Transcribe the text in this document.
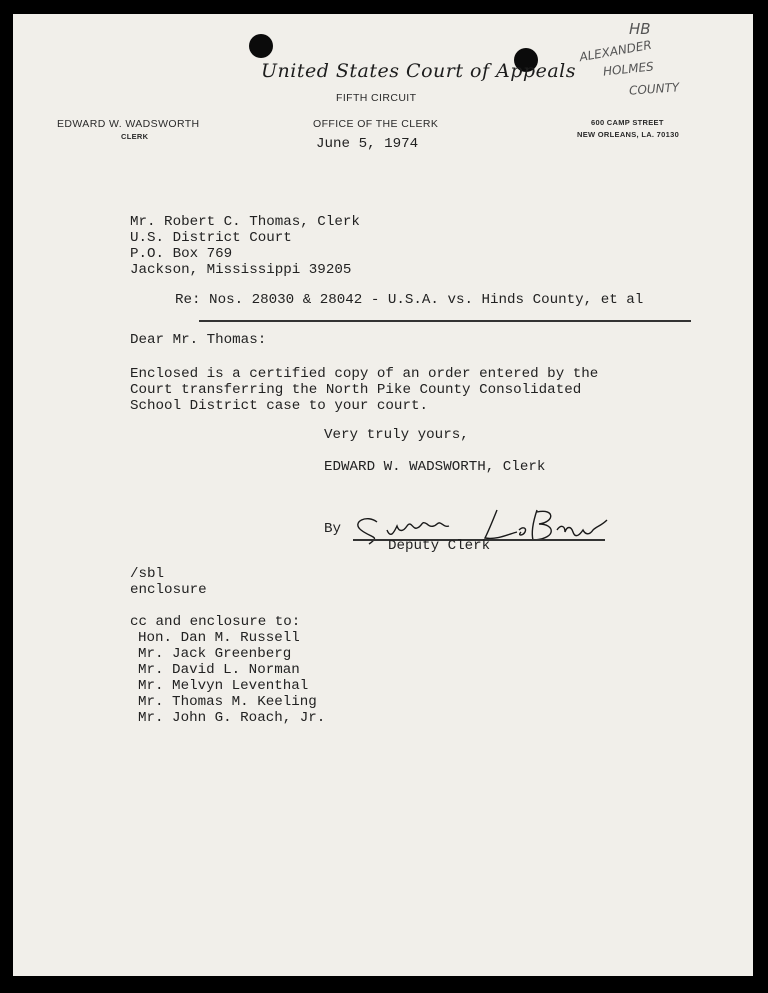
United States Court of Appeals
FIFTH CIRCUIT
EDWARD W. WADSWORTH
CLERK
OFFICE OF THE CLERK	600 CAMP STREET
NEW ORLEANS, LA. 70130
HB
ALEXANDER
HOLMES
COUNTY
June 5, 1974
Mr. Robert C. Thomas, Clerk
U.S. District Court
P.O. Box 769
Jackson, Mississippi 39205
Re: Nos. 28030 & 28042 - U.S.A. vs. Hinds County, et al
Dear Mr. Thomas:
Enclosed is a certified copy of an order entered by the
Court transferring the North Pike County Consolidated
School District case to your court.
Very truly yours,
EDWARD W. WADSWORTH, Clerk
By
Deputy Clerk
/sbl
enclosure
cc and enclosure to:
Hon. Dan M. Russell
Mr. Jack Greenberg
Mr. David L. Norman
Mr. Melvyn Leventhal
Mr. Thomas M. Keeling
Mr. John G. Roach, Jr.
